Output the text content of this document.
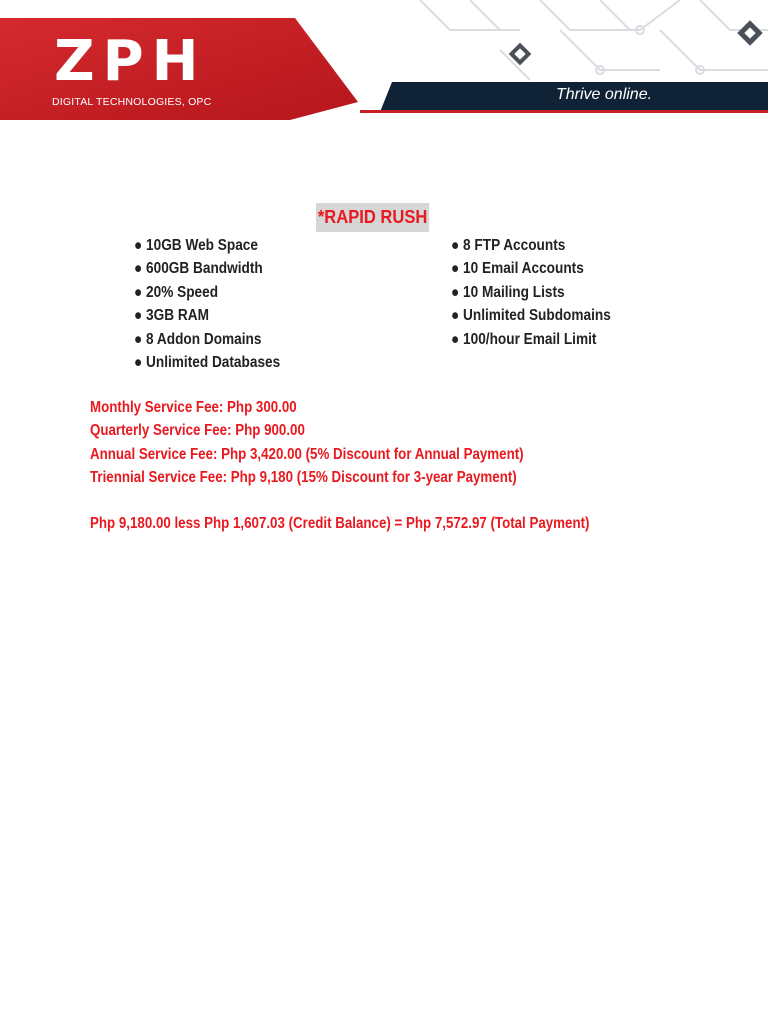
ZPH
DIGITAL TECHNOLOGIES, OPC	Thrive online.
*RAPID RUSH
● 10GB Web Space
● 600GB Bandwidth
● 20% Speed
● 3GB RAM
● 8 Addon Domains
● Unlimited Databases
● 8 FTP Accounts
● 10 Email Accounts
● 10 Mailing Lists
● Unlimited Subdomains
● 100/hour Email Limit
Monthly Service Fee: Php 300.00
Quarterly Service Fee: Php 900.00
Annual Service Fee: Php 3,420.00 (5% Discount for Annual Payment)
Triennial Service Fee: Php 9,180 (15% Discount for 3-year Payment)
Php 9,180.00 less Php 1,607.03 (Credit Balance) = Php 7,572.97 (Total Payment)
